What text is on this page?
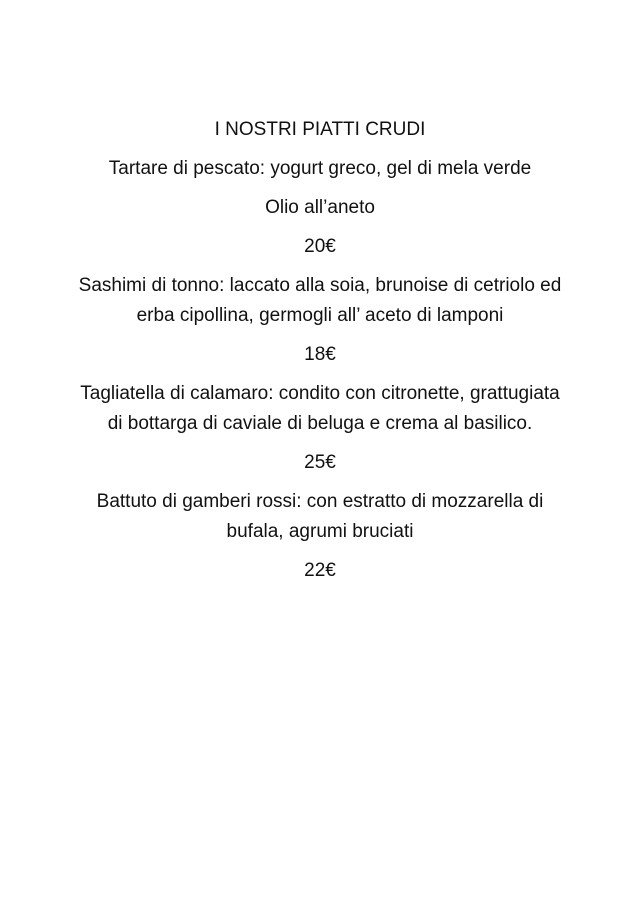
I NOSTRI PIATTI CRUDI

Tartare di pescato: yogurt greco, gel di mela verde

Olio all’aneto

20€

Sashimi di tonno: laccato alla soia, brunoise di cetriolo ed

erba cipollina, germogli all’ aceto di lamponi

18€

Tagliatella di calamaro: condito con citronette, grattugiata

di bottarga di caviale di beluga e crema al basilico.

25€

Battuto di gamberi rossi: con estratto di mozzarella di

bufala, agrumi bruciati

22€
